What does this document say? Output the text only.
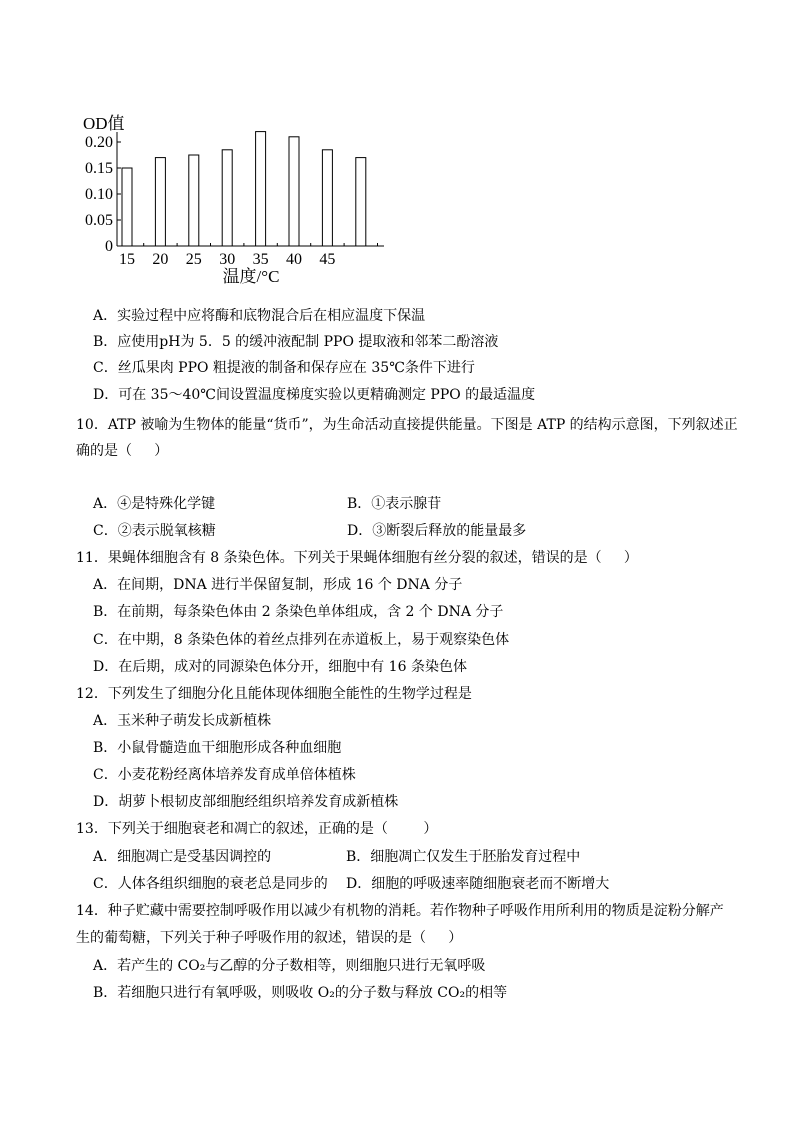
OD值
0
0.05
0.10
0.15
0.20
15 20 25 30 35 40 45
温度/°C
A．实验过程中应将酶和底物混合后在相应温度下保温
B．应使用pH为 5．5 的缓冲液配制 PPO 提取液和邻苯二酚溶液
C．丝瓜果肉 PPO 粗提液的制备和保存应在 35℃条件下进行
D．可在 35～40℃间设置温度梯度实验以更精确测定 PPO 的最适温度
10．ATP 被喻为生物体的能量“货币”，为生命活动直接提供能量。下图是 ATP 的结构示意图，下列叙述正
确的是（     ）
A．④是特殊化学键	B．①表示腺苷
C．②表示脱氧核糖	D．③断裂后释放的能量最多
11．果蝇体细胞含有 8 条染色体。下列关于果蝇体细胞有丝分裂的叙述，错误的是（     ）
A．在间期，DNA 进行半保留复制，形成 16 个 DNA 分子
B．在前期，每条染色体由 2 条染色单体组成，含 2 个 DNA 分子
C．在中期，8 条染色体的着丝点排列在赤道板上，易于观察染色体
D．在后期，成对的同源染色体分开，细胞中有 16 条染色体
12．下列发生了细胞分化且能体现体细胞全能性的生物学过程是
A．玉米种子萌发长成新植株
B．小鼠骨髓造血干细胞形成各种血细胞
C．小麦花粉经离体培养发育成单倍体植株
D．胡萝卜根韧皮部细胞经组织培养发育成新植株
13．下列关于细胞衰老和凋亡的叙述，正确的是（        ）
A．细胞凋亡是受基因调控的	B．细胞凋亡仅发生于胚胎发育过程中
C．人体各组织细胞的衰老总是同步的 D．细胞的呼吸速率随细胞衰老而不断增大
14．种子贮藏中需要控制呼吸作用以减少有机物的消耗。若作物种子呼吸作用所利用的物质是淀粉分解产
生的葡萄糖，下列关于种子呼吸作用的叙述，错误的是（     ）
A．若产生的 CO₂与乙醇的分子数相等，则细胞只进行无氧呼吸
B．若细胞只进行有氧呼吸，则吸收 O₂的分子数与释放 CO₂的相等
